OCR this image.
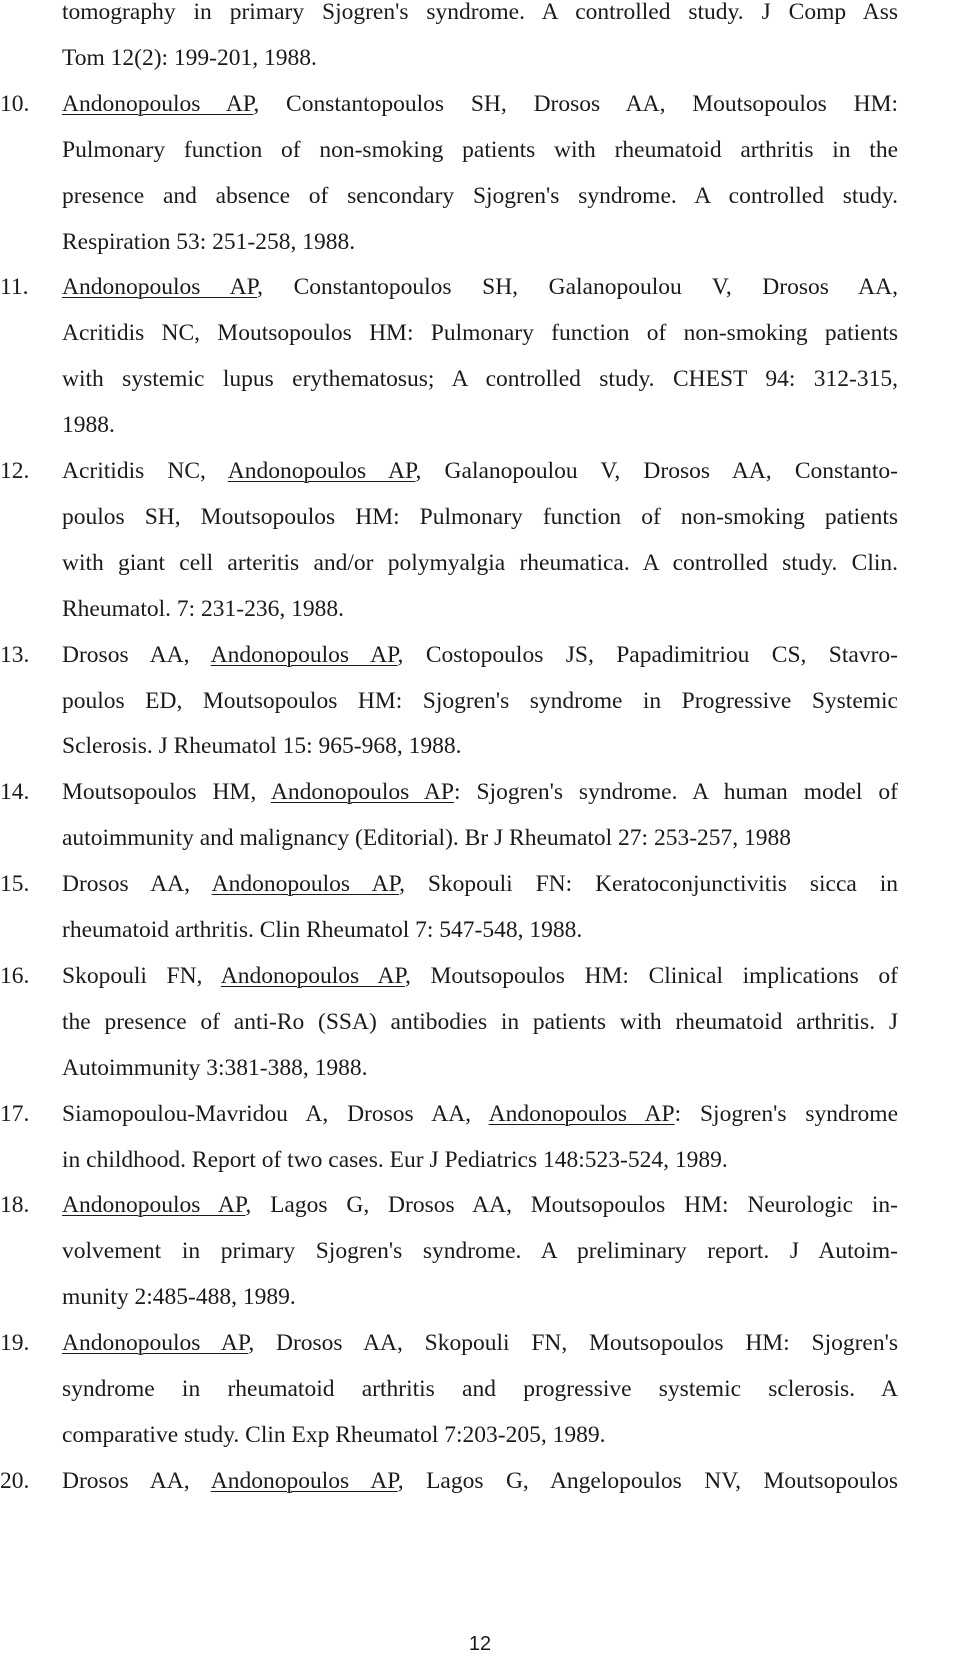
tomography in primary Sjogren's syndrome. A controlled study. J Comp Ass
Tom 12(2): 199-201, 1988.
10. Andonopoulos AP, Constantopoulos SH, Drosos AA, Moutsopoulos HM:
Pulmonary function of non-smoking patients with rheumatoid arthritis in the
presence and absence of sencondary Sjogren's syndrome. A controlled study.
Respiration 53: 251-258, 1988.
11. Andonopoulos AP, Constantopoulos SH, Galanopoulou V, Drosos AA,
Acritidis NC, Moutsopoulos HM: Pulmonary function of non-smoking patients
with systemic lupus erythematosus; A controlled study. CHEST 94: 312-315,
1988.
12. Acritidis NC, Andonopoulos AP, Galanopoulou V, Drosos AA, Constanto-
poulos SH, Moutsopoulos HM: Pulmonary function of non-smoking patients
with giant cell arteritis and/or polymyalgia rheumatica. A controlled study. Clin.
Rheumatol. 7: 231-236, 1988.
13. Drosos AA, Andonopoulos AP, Costopoulos JS, Papadimitriou CS, Stavro-
poulos ED, Moutsopoulos HM: Sjogren's syndrome in Progressive Systemic
Sclerosis. J Rheumatol 15: 965-968, 1988.
14. Moutsopoulos HM, Andonopoulos AP: Sjogren's syndrome. A human model of
autoimmunity and malignancy (Editorial). Br J Rheumatol 27: 253-257, 1988
15. Drosos AA, Andonopoulos AP, Skopouli FN: Keratoconjunctivitis sicca in
rheumatoid arthritis. Clin Rheumatol 7: 547-548, 1988.
16. Skopouli FN, Andonopoulos AP, Moutsopoulos HM: Clinical implications of
the presence of anti-Ro (SSA) antibodies in patients with rheumatoid arthritis. J
Autoimmunity 3:381-388, 1988.
17. Siamopoulou-Mavridou A, Drosos AA, Andonopoulos AP: Sjogren's syndrome
in childhood. Report of two cases. Eur J Pediatrics 148:523-524, 1989.
18. Andonopoulos AP, Lagos G, Drosos AA, Moutsopoulos HM: Neurologic in-
volvement in primary Sjogren's syndrome. A preliminary report. J Autoim-
munity 2:485-488, 1989.
19. Andonopoulos AP, Drosos AA, Skopouli FN, Moutsopoulos HM: Sjogren's
syndrome in rheumatoid arthritis and progressive systemic sclerosis. A
comparative study. Clin Exp Rheumatol 7:203-205, 1989.
20. Drosos AA, Andonopoulos AP, Lagos G, Angelopoulos NV, Moutsopoulos
12
